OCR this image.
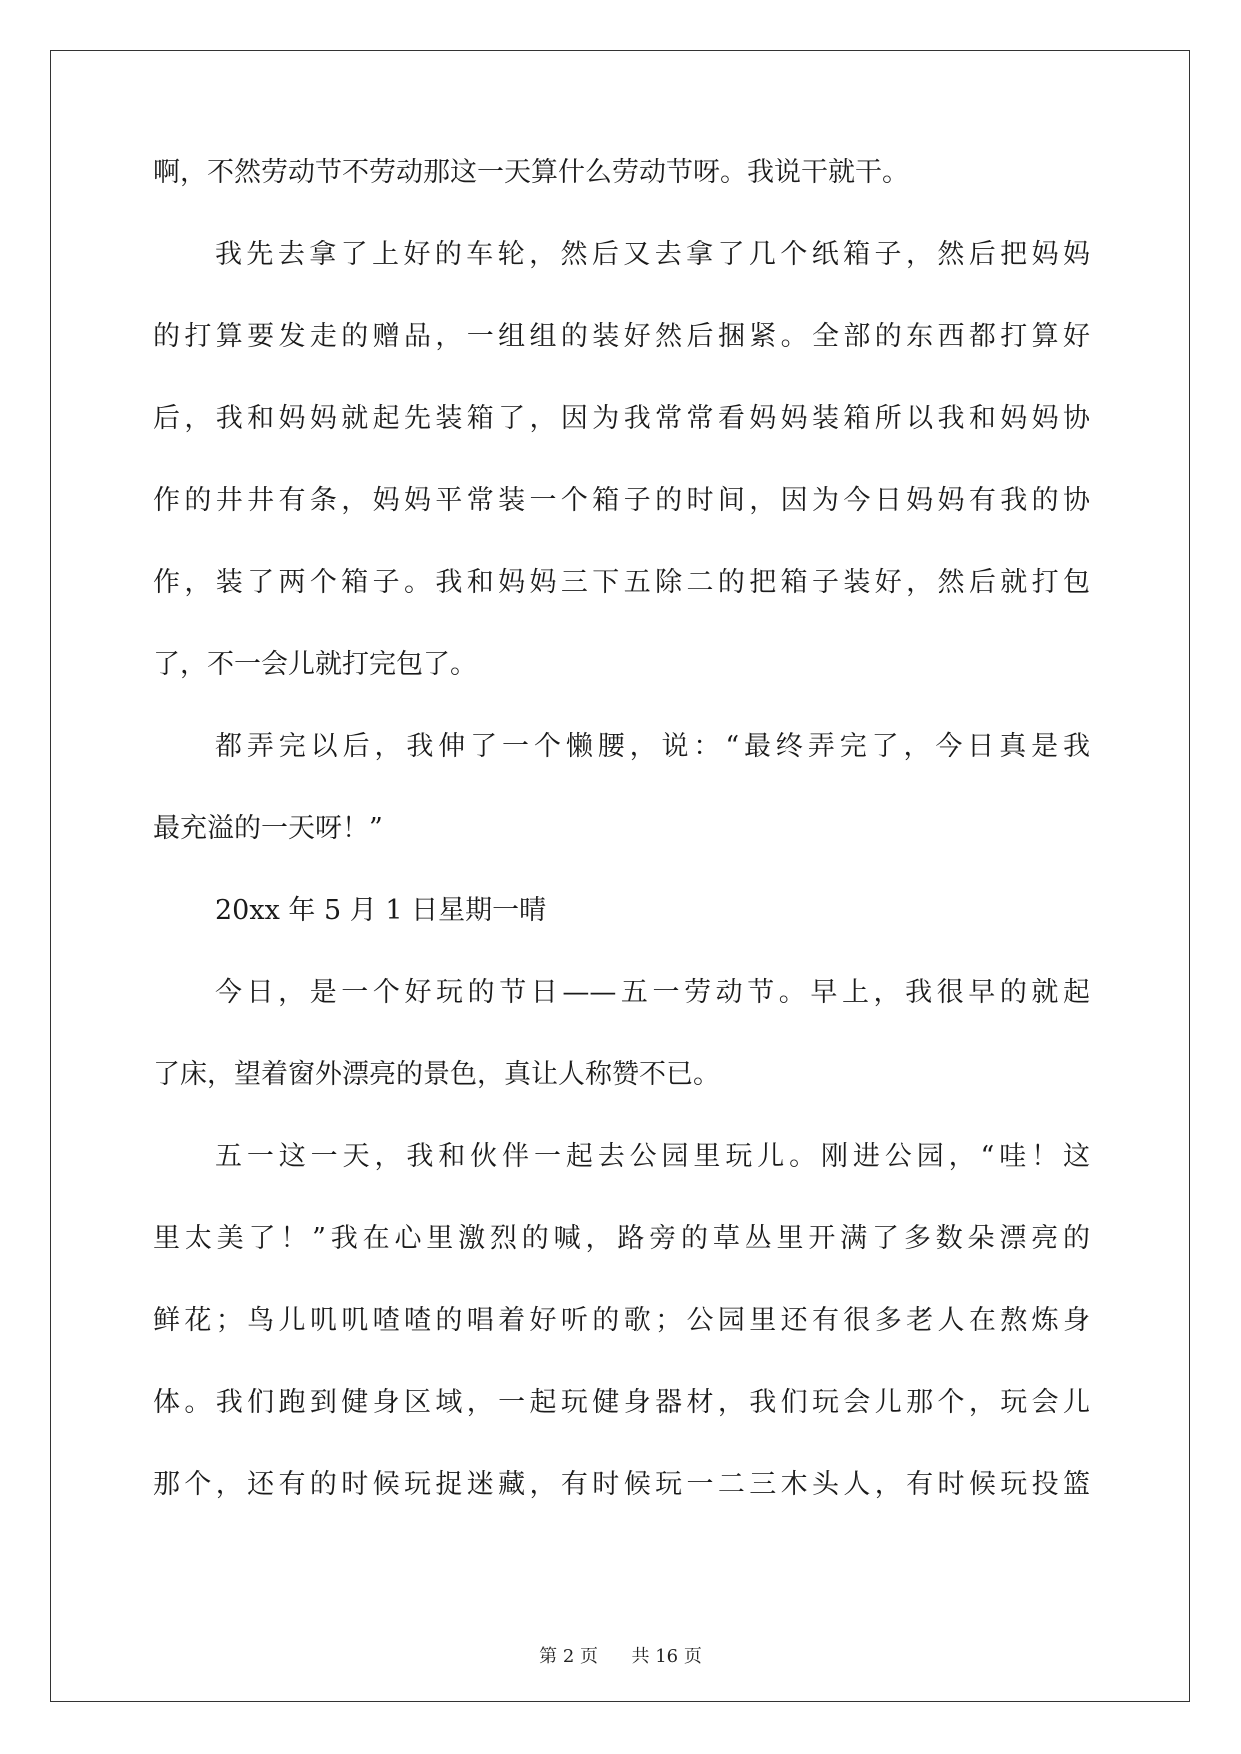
啊，不然劳动节不劳动那这一天算什么劳动节呀。我说干就干。
我先去拿了上好的车轮，然后又去拿了几个纸箱子，然后把妈妈
的打算要发走的赠品，一组组的装好然后捆紧。全部的东西都打算好
后，我和妈妈就起先装箱了，因为我常常看妈妈装箱所以我和妈妈协
作的井井有条，妈妈平常装一个箱子的时间，因为今日妈妈有我的协
作，装了两个箱子。我和妈妈三下五除二的把箱子装好，然后就打包
了，不一会儿就打完包了。
都弄完以后，我伸了一个懒腰，说：“最终弄完了，今日真是我
最充溢的一天呀！”
20xx 年 5 月 1 日星期一晴
今日，是一个好玩的节日——五一劳动节。早上，我很早的就起
了床，望着窗外漂亮的景色，真让人称赞不已。
五一这一天，我和伙伴一起去公园里玩儿。刚进公园，“哇！这
里太美了！”我在心里激烈的喊，路旁的草丛里开满了多数朵漂亮的
鲜花；鸟儿叽叽喳喳的唱着好听的歌；公园里还有很多老人在熬炼身
体。我们跑到健身区域，一起玩健身器材，我们玩会儿那个，玩会儿
那个，还有的时候玩捉迷藏，有时候玩一二三木头人，有时候玩投篮
第 2 页 共 16 页
